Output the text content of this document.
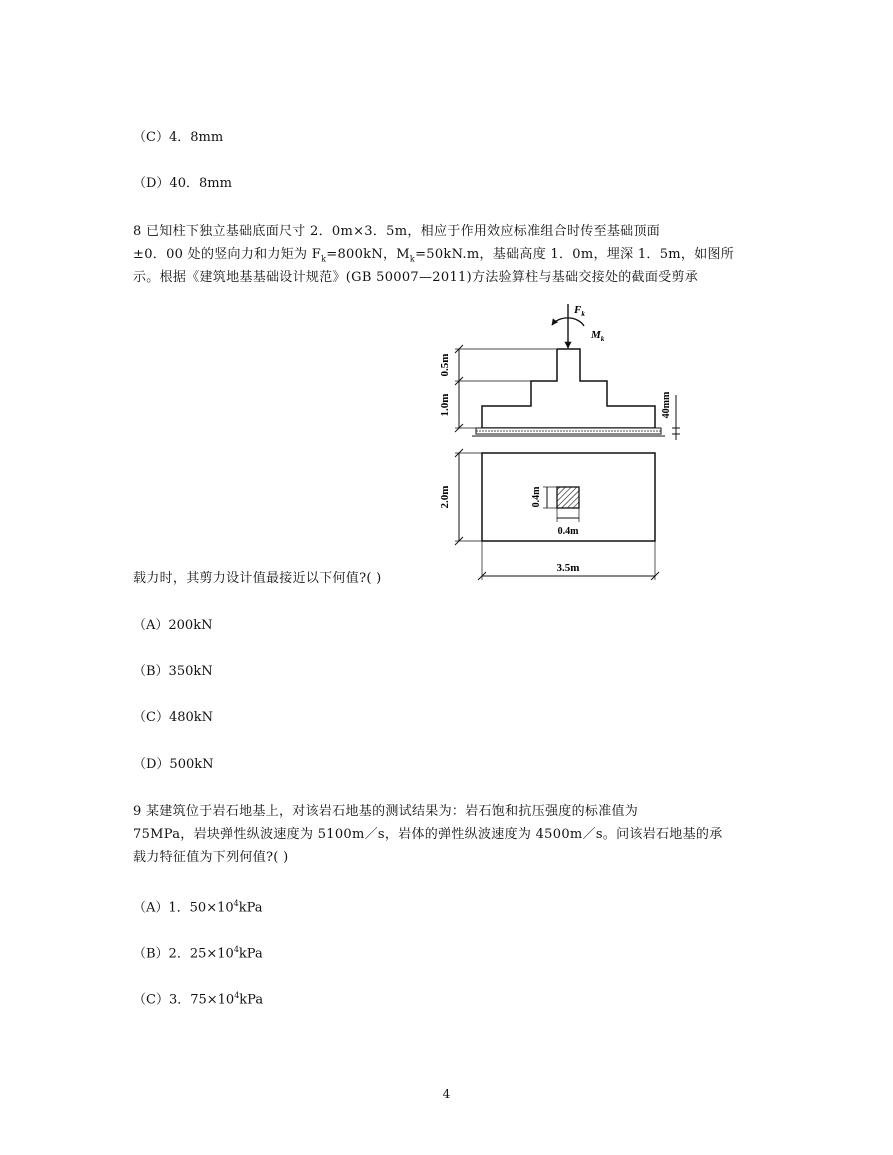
（C）4．8mm
（D）40．8mm
8 已知柱下独立基础底面尺寸 2．0m×3．5m，相应于作用效应标准组合时传至基础顶面
±0．00 处的竖向力和力矩为 $F_k=800kN$，$M_k=50kN.m$，基础高度 1．0m，埋深 1．5m，如图所
示。根据《建筑地基基础设计规范》(GB 50007—2011)方法验算柱与基础交接处的截面受剪承
$F_k$
$M_k$
0.5m
1.0m	40mm
2.0m	0.4m
0.4m
3.5m
载力时，其剪力设计值最接近以下何值?( )
（A）200kN
（B）350kN
（C）480kN
（D）500kN
9 某建筑位于岩石地基上，对该岩石地基的测试结果为：岩石饱和抗压强度的标准值为
75MPa，岩块弹性纵波速度为 5100m／s，岩体的弹性纵波速度为 4500m／s。问该岩石地基的承
载力特征值为下列何值?( )
（A）1．$50\times 10^4kPa$
（B）2．$25\times 10^4kPa$
（C）3．$75\times 10^4kPa$
4
